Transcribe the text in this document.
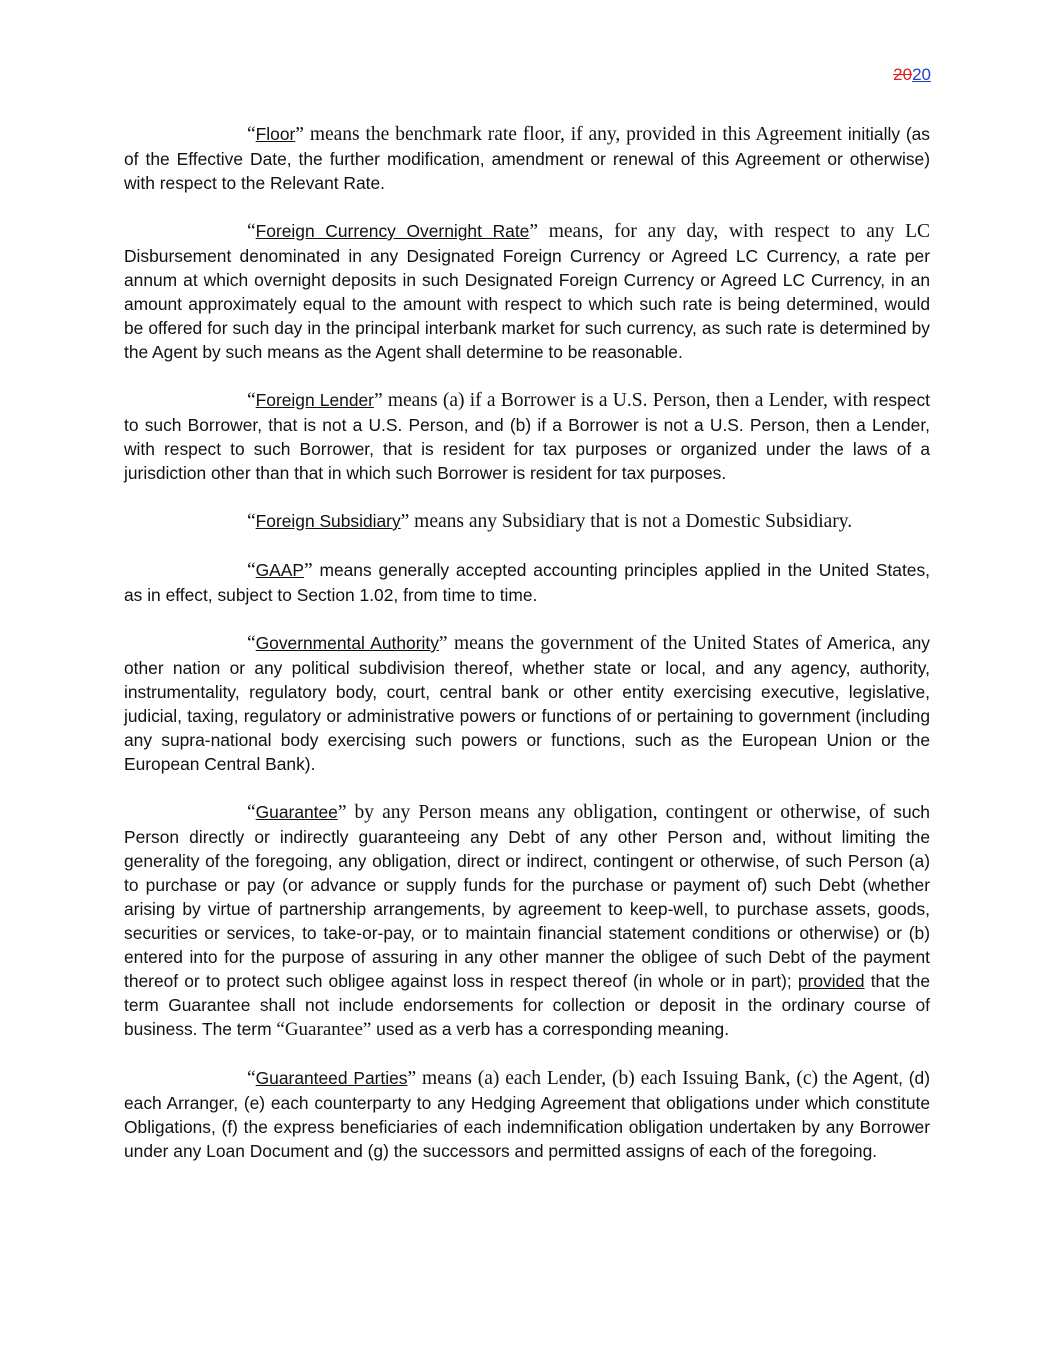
2020

“Floor” means the benchmark rate floor, if any, provided in this Agreement initially (as of the Effective Date, the further modification, amendment or renewal of this Agreement or otherwise) with respect to the Relevant Rate.

“Foreign Currency Overnight Rate” means, for any day, with respect to any LC Disbursement denominated in any Designated Foreign Currency or Agreed LC Currency, a rate per annum at which overnight deposits in such Designated Foreign Currency or Agreed LC Currency, in an amount approximately equal to the amount with respect to which such rate is being determined, would be offered for such day in the principal interbank market for such currency, as such rate is determined by the Agent by such means as the Agent shall determine to be reasonable.

“Foreign Lender” means (a) if a Borrower is a U.S. Person, then a Lender, with respect to such Borrower, that is not a U.S. Person, and (b) if a Borrower is not a U.S. Person, then a Lender, with respect to such Borrower, that is resident for tax purposes or organized under the laws of a jurisdiction other than that in which such Borrower is resident for tax purposes.

“Foreign Subsidiary” means any Subsidiary that is not a Domestic Subsidiary.

“GAAP” means generally accepted accounting principles applied in the United States, as in effect, subject to Section 1.02, from time to time.

“Governmental Authority” means the government of the United States of America, any other nation or any political subdivision thereof, whether state or local, and any agency, authority, instrumentality, regulatory body, court, central bank or other entity exercising executive, legislative, judicial, taxing, regulatory or administrative powers or functions of or pertaining to government (including any supra-national body exercising such powers or functions, such as the European Union or the European Central Bank).

“Guarantee” by any Person means any obligation, contingent or otherwise, of such Person directly or indirectly guaranteeing any Debt of any other Person and, without limiting the generality of the foregoing, any obligation, direct or indirect, contingent or otherwise, of such Person (a) to purchase or pay (or advance or supply funds for the purchase or payment of) such Debt (whether arising by virtue of partnership arrangements, by agreement to keep-well, to purchase assets, goods, securities or services, to take-or-pay, or to maintain financial statement conditions or otherwise) or (b) entered into for the purpose of assuring in any other manner the obligee of such Debt of the payment thereof or to protect such obligee against loss in respect thereof (in whole or in part); provided that the term Guarantee shall not include endorsements for collection or deposit in the ordinary course of business. The term “Guarantee” used as a verb has a corresponding meaning.

“Guaranteed Parties” means (a) each Lender, (b) each Issuing Bank, (c) the Agent, (d) each Arranger, (e) each counterparty to any Hedging Agreement that obligations under which constitute Obligations, (f) the express beneficiaries of each indemnification obligation undertaken by any Borrower under any Loan Document and (g) the successors and permitted assigns of each of the foregoing.
